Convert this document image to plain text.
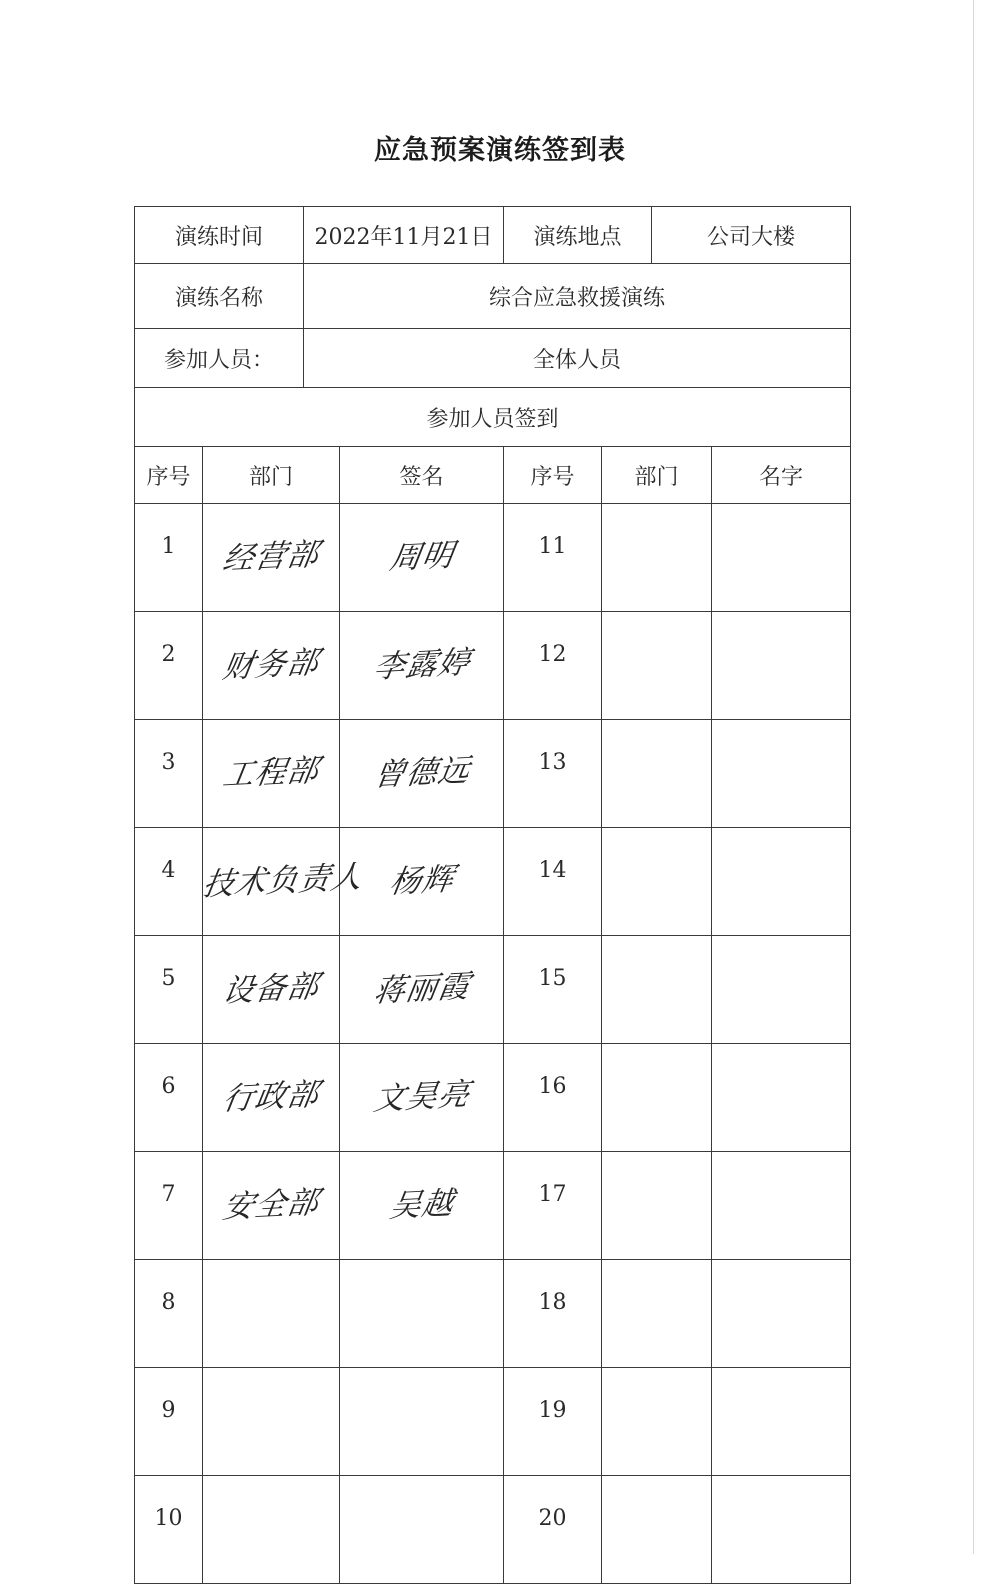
应急预案演练签到表
演练时间		2022年11月21日		演练地点		公司大楼	
演练名称		综合应急救援演练					
参加人员：		全体人员					
参加人员签到							
序号	部门		签名	序号	部门		名字
1	经营部		周明	11			
2	财务部		李露婷	12			
3	工程部		曾德远	13			
4	技术负责人		杨辉	14			
5	设备部		蒋丽霞	15			
6	行政部		文昊亮	16			
7	安全部		吴越	17			
8				18			
9				19			
10				20			
